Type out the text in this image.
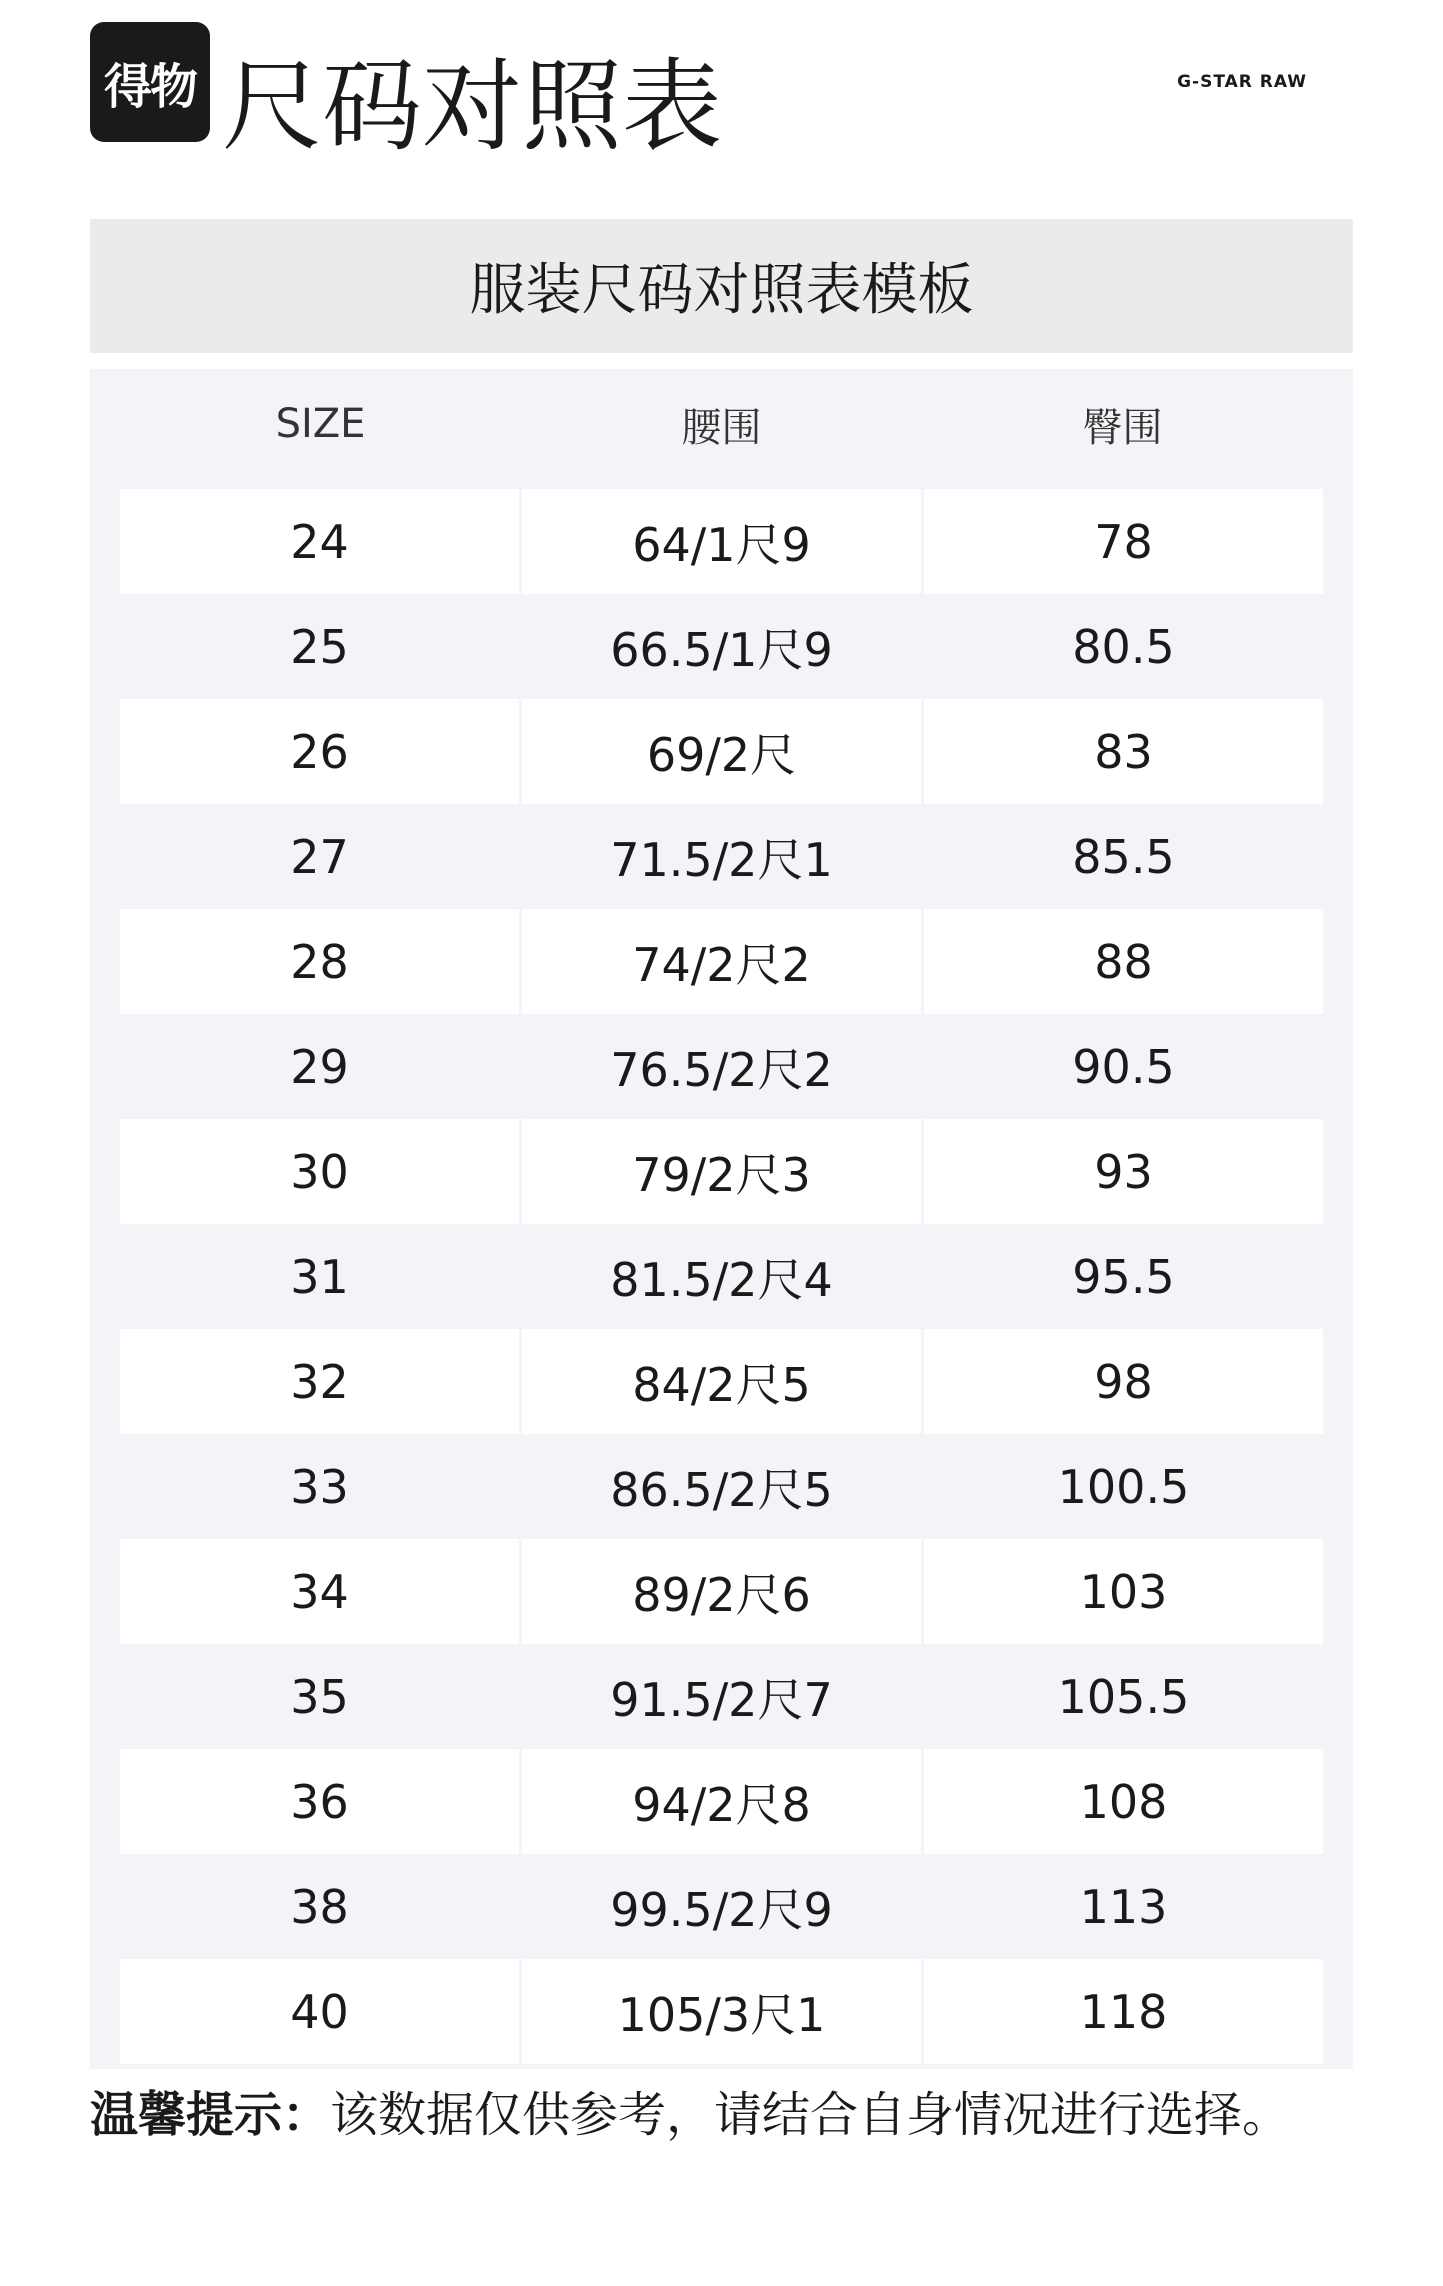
得物 尺码对照表	G-STAR RAW
服装尺码对照表模板
SIZE	腰围	臀围
24	64/1尺9	78
25	66.5/1尺9	80.5
26	69/2尺	83
27	71.5/2尺1	85.5
28	74/2尺2	88
29	76.5/2尺2	90.5
30	79/2尺3	93
31	81.5/2尺4	95.5
32	84/2尺5	98
33	86.5/2尺5	100.5
34	89/2尺6	103
35	91.5/2尺7	105.5
36	94/2尺8	108
38	99.5/2尺9	113
40	105/3尺1	118
温馨提示：该数据仅供参考，请结合自身情况进行选择。
